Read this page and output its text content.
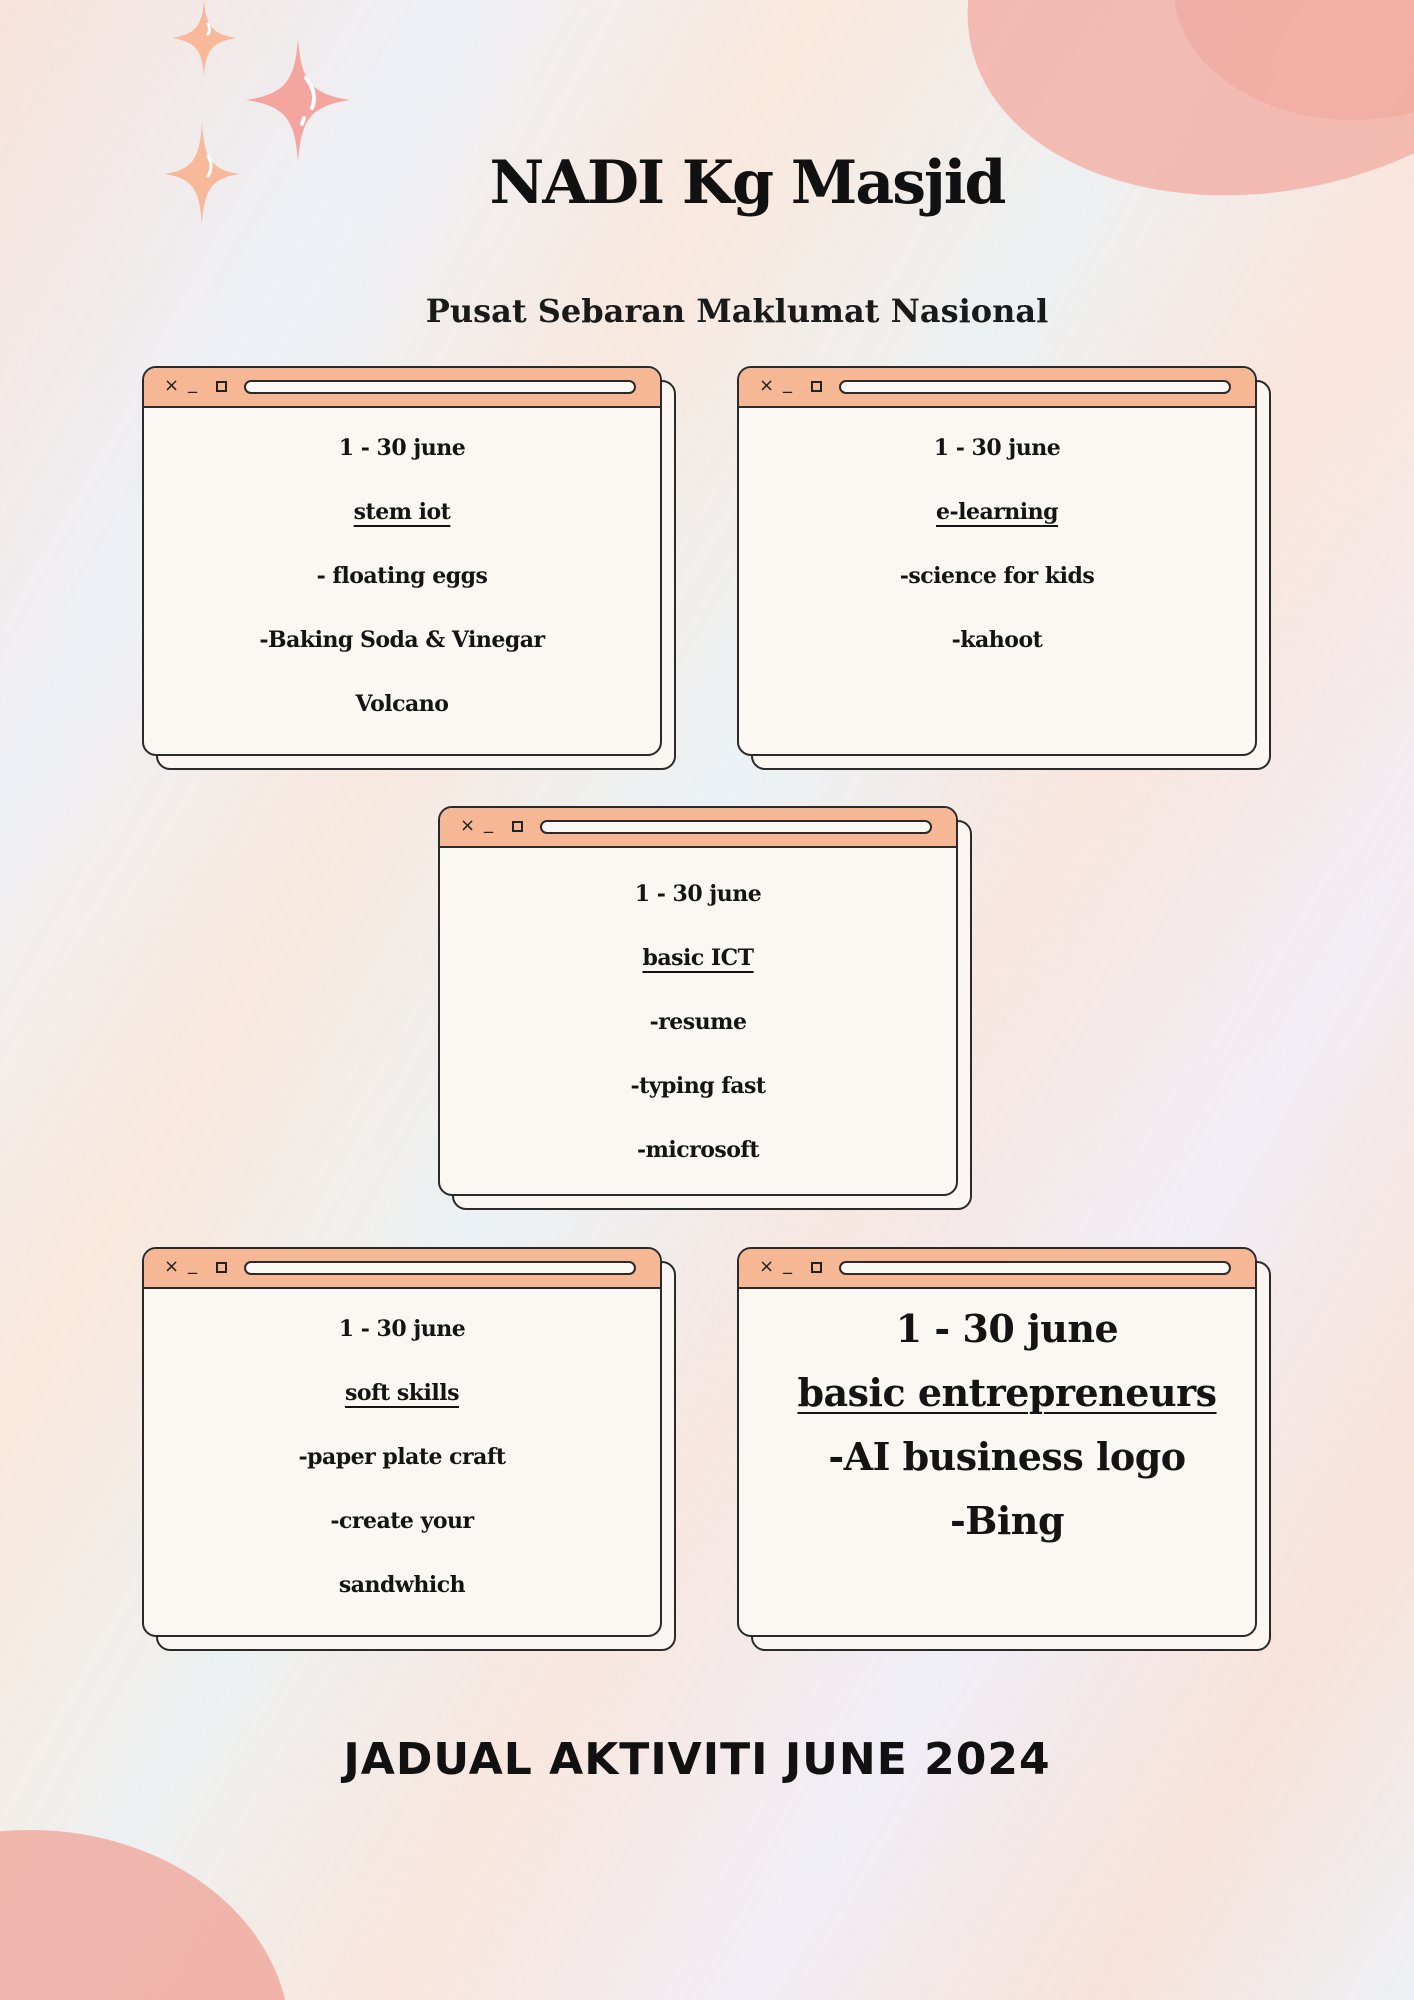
NADI Kg Masjid
Pusat Sebaran Maklumat Nasional
× _
1 - 30 june
stem iot
- floating eggs
-Baking Soda & Vinegar
Volcano
× _
1 - 30 june
e-learning
-science for kids
-kahoot
× _
1 - 30 june
basic ICT
-resume
-typing fast
-microsoft
× _
1 - 30 june
soft skills
-paper plate craft
-create your
sandwhich
× _
1 - 30 june
basic entrepreneurs
-AI business logo
-Bing
JADUAL AKTIVITI JUNE 2024
